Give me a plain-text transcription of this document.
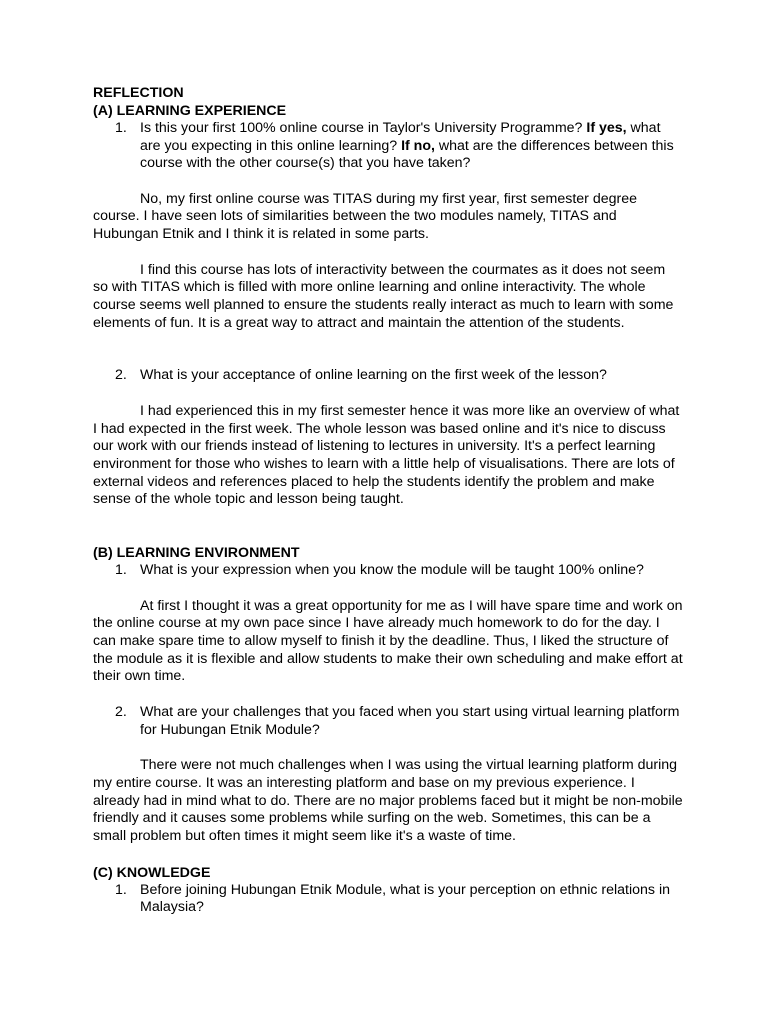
REFLECTION

(A) LEARNING EXPERIENCE

1. Is this your first 100% online course in Taylor's University Programme? If yes, what are you expecting in this online learning? If no, what are the differences between this course with the other course(s) that you have taken?

No, my first online course was TITAS during my first year, first semester degree course. I have seen lots of similarities between the two modules namely, TITAS and Hubungan Etnik and I think it is related in some parts.

I find this course has lots of interactivity between the courmates as it does not seem so with TITAS which is filled with more online learning and online interactivity. The whole course seems well planned to ensure the students really interact as much to learn with some elements of fun. It is a great way to attract and maintain the attention of the students.

2. What is your acceptance of online learning on the first week of the lesson?

I had experienced this in my first semester hence it was more like an overview of what I had expected in the first week. The whole lesson was based online and it's nice to discuss our work with our friends instead of listening to lectures in university. It's a perfect learning environment for those who wishes to learn with a little help of visualisations. There are lots of external videos and references placed to help the students identify the problem and make sense of the whole topic and lesson being taught.

(B) LEARNING ENVIRONMENT

1. What is your expression when you know the module will be taught 100% online?

At first I thought it was a great opportunity for me as I will have spare time and work on the online course at my own pace since I have already much homework to do for the day. I can make spare time to allow myself to finish it by the deadline. Thus, I liked the structure of the module as it is flexible and allow students to make their own scheduling and make effort at their own time.

2. What are your challenges that you faced when you start using virtual learning platform for Hubungan Etnik Module?

There were not much challenges when I was using the virtual learning platform during my entire course. It was an interesting platform and base on my previous experience. I already had in mind what to do. There are no major problems faced but it might be non-mobile friendly and it causes some problems while surfing on the web. Sometimes, this can be a small problem but often times it might seem like it's a waste of time.

(C) KNOWLEDGE

1. Before joining Hubungan Etnik Module, what is your perception on ethnic relations in Malaysia?
